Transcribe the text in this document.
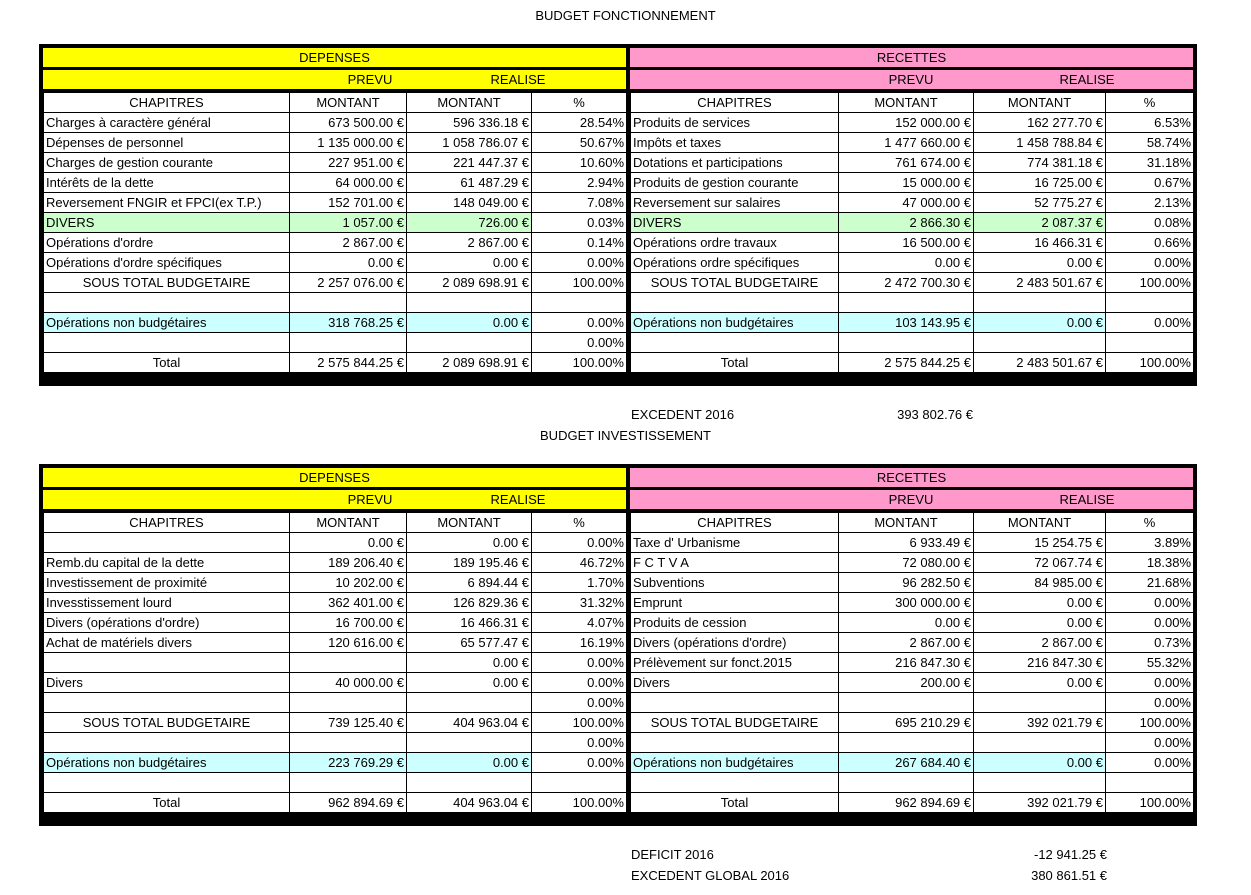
BUDGET FONCTIONNEMENT
DEPENSES
PREVU	REALISE
CHAPITRES	MONTANT	MONTANT	%
Charges à caractère général	673 500.00 €	596 336.18 €	28.54%
Dépenses de personnel	1 135 000.00 €	1 058 786.07 €	50.67%
Charges de gestion courante	227 951.00 €	221 447.37 €	10.60%
Intérêts de la dette	64 000.00 €	61 487.29 €	2.94%
Reversement FNGIR et FPCI(ex T.P.)	152 701.00 €	148 049.00 €	7.08%
DIVERS	1 057.00 €	726.00 €	0.03%
Opérations d'ordre	2 867.00 €	2 867.00 €	0.14%
Opérations d'ordre spécifiques	0.00 €	0.00 €	0.00%
SOUS TOTAL BUDGETAIRE	2 257 076.00 €	2 089 698.91 €	100.00%

Opérations non budgétaires	318 768.25 €	0.00 €	0.00%
			0.00%
Total	2 575 844.25 €	2 089 698.91 €	100.00%
RECETTES
PREVU	REALISE
CHAPITRES	MONTANT	MONTANT	%
Produits de services	152 000.00 €	162 277.70 €	6.53%
Impôts et taxes	1 477 660.00 €	1 458 788.84 €	58.74%
Dotations et participations	761 674.00 €	774 381.18 €	31.18%
Produits de gestion courante	15 000.00 €	16 725.00 €	0.67%
Reversement sur salaires	47 000.00 €	52 775.27 €	2.13%
DIVERS	2 866.30 €	2 087.37 €	0.08%
Opérations ordre travaux	16 500.00 €	16 466.31 €	0.66%
Opérations ordre spécifiques	0.00 €	0.00 €	0.00%
SOUS TOTAL BUDGETAIRE	2 472 700.30 €	2 483 501.67 €	100.00%

Opérations non budgétaires	103 143.95 €	0.00 €	0.00%

Total	2 575 844.25 €	2 483 501.67 €	100.00%
EXCEDENT 2016	393 802.76 €
BUDGET INVESTISSEMENT
DEPENSES
PREVU	REALISE
CHAPITRES	MONTANT	MONTANT	%
	0.00 €	0.00 €	0.00%
Remb.du capital de la dette	189 206.40 €	189 195.46 €	46.72%
Investissement de proximité	10 202.00 €	6 894.44 €	1.70%
Invesstissement lourd	362 401.00 €	126 829.36 €	31.32%
Divers (opérations d'ordre)	16 700.00 €	16 466.31 €	4.07%
Achat de matériels divers	120 616.00 €	65 577.47 €	16.19%
		0.00 €	0.00%
Divers	40 000.00 €	0.00 €	0.00%
			0.00%
SOUS TOTAL BUDGETAIRE	739 125.40 €	404 963.04 €	100.00%
			0.00%
Opérations non budgétaires	223 769.29 €	0.00 €	0.00%

Total	962 894.69 €	404 963.04 €	100.00%
RECETTES
PREVU	REALISE
CHAPITRES	MONTANT	MONTANT	%
Taxe d' Urbanisme	6 933.49 €	15 254.75 €	3.89%
F C T V A	72 080.00 €	72 067.74 €	18.38%
Subventions	96 282.50 €	84 985.00 €	21.68%
Emprunt	300 000.00 €	0.00 €	0.00%
Produits de cession	0.00 €	0.00 €	0.00%
Divers (opérations d'ordre)	2 867.00 €	2 867.00 €	0.73%
Prélèvement sur fonct.2015	216 847.30 €	216 847.30 €	55.32%
Divers	200.00 €	0.00 €	0.00%
			0.00%
SOUS TOTAL BUDGETAIRE	695 210.29 €	392 021.79 €	100.00%
			0.00%
Opérations non budgétaires	267 684.40 €	0.00 €	0.00%

Total	962 894.69 €	392 021.79 €	100.00%
DEFICIT 2016	-12 941.25 €
EXCEDENT GLOBAL 2016	380 861.51 €
